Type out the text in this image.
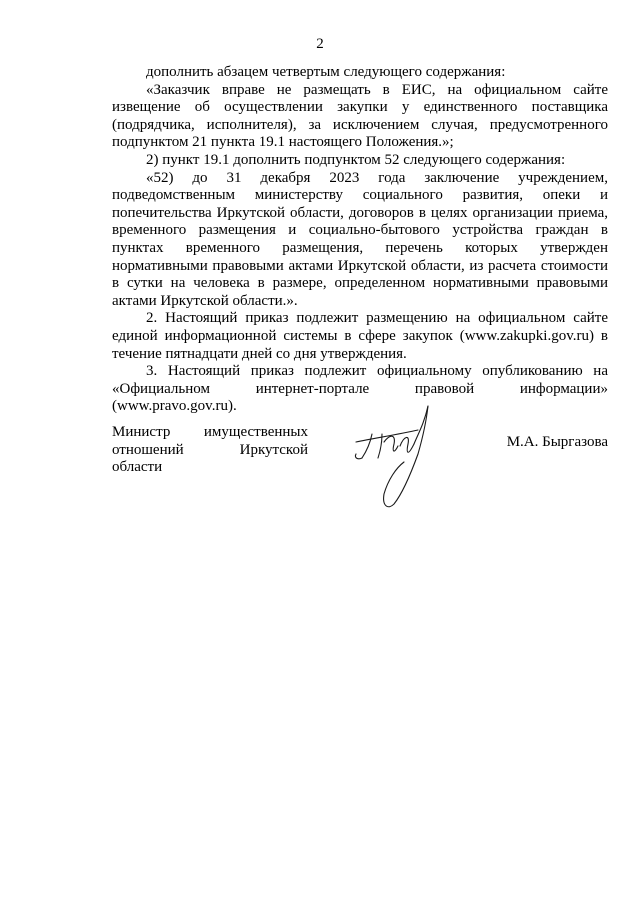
2

дополнить абзацем четвертым следующего содержания:

«Заказчик вправе не размещать в ЕИС, на официальном сайте извещение об осуществлении закупки у единственного поставщика (подрядчика, исполнителя), за исключением случая, предусмотренного подпунктом 21 пункта 19.1 настоящего Положения.»;

2) пункт 19.1 дополнить подпунктом 52 следующего содержания:

«52) до 31 декабря 2023 года заключение учреждением, подведомственным министерству социального развития, опеки и попечительства Иркутской области, договоров в целях организации приема, временного размещения и социально-бытового устройства граждан в пунктах временного размещения, перечень которых утвержден нормативными правовыми актами Иркутской области, из расчета стоимости в сутки на человека в размере, определенном нормативными правовыми актами Иркутской области.».

2. Настоящий приказ подлежит размещению на официальном сайте единой информационной системы в сфере закупок (www.zakupki.gov.ru) в течение пятнадцати дней со дня утверждения.

3. Настоящий приказ подлежит официальному опубликованию на «Официальном интернет-портале правовой информации» (www.pravo.gov.ru).

Министр имущественных
отношений Иркутской области
М.А. Быргазова
